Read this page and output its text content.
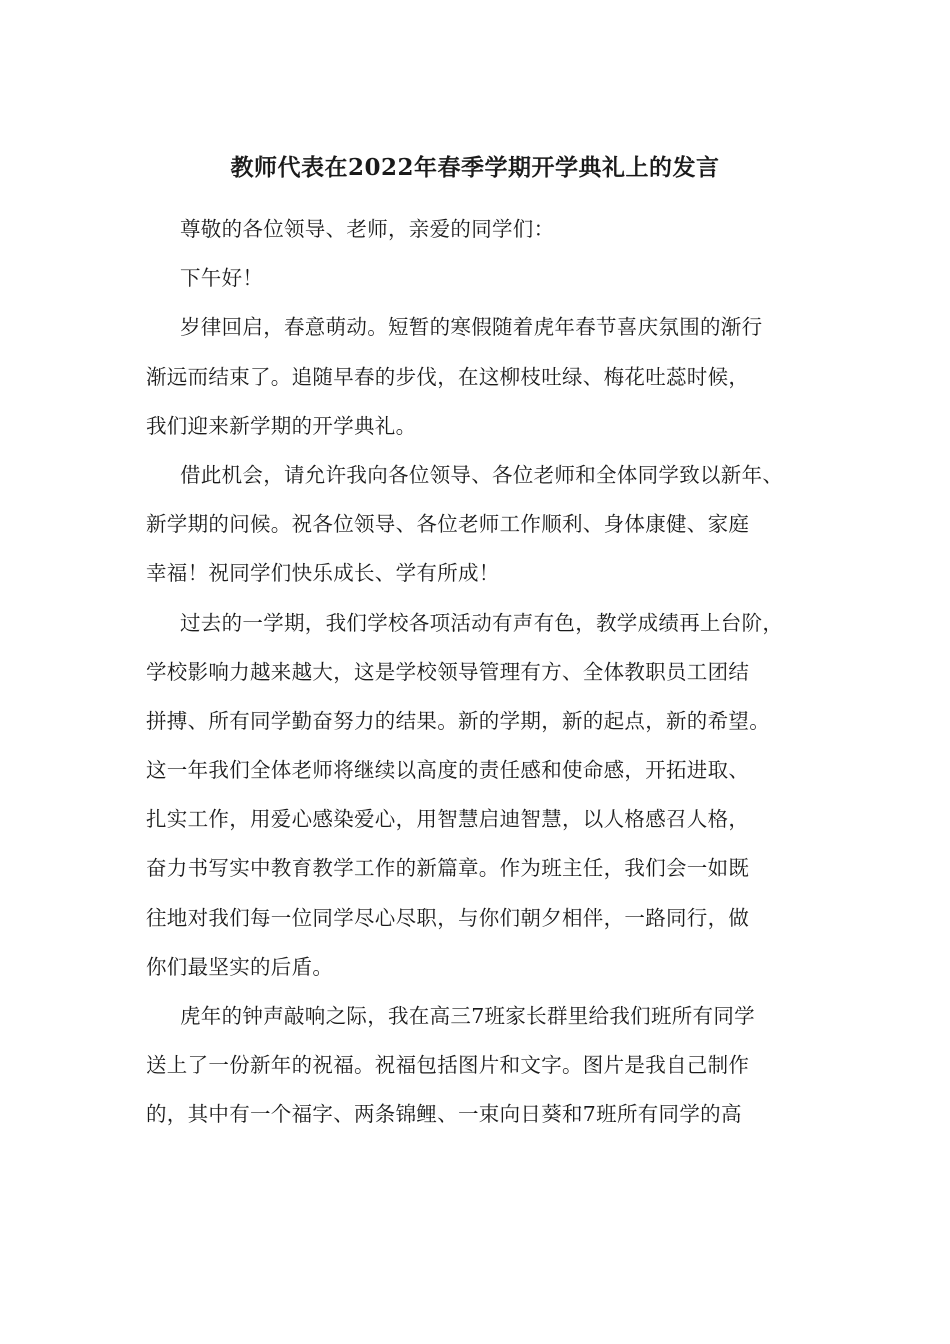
教师代表在2022年春季学期开学典礼上的发言
尊敬的各位领导、老师，亲爱的同学们：
下午好！
岁律回启，春意萌动。短暂的寒假随着虎年春节喜庆氛围的渐行
渐远而结束了。追随早春的步伐，在这柳枝吐绿、梅花吐蕊时候，
我们迎来新学期的开学典礼。
借此机会，请允许我向各位领导、各位老师和全体同学致以新年、
新学期的问候。祝各位领导、各位老师工作顺利、身体康健、家庭
幸福！祝同学们快乐成长、学有所成！
过去的一学期，我们学校各项活动有声有色，教学成绩再上台阶，
学校影响力越来越大，这是学校领导管理有方、全体教职员工团结
拼搏、所有同学勤奋努力的结果。新的学期，新的起点，新的希望。
这一年我们全体老师将继续以高度的责任感和使命感，开拓进取、
扎实工作，用爱心感染爱心，用智慧启迪智慧，以人格感召人格，
奋力书写实中教育教学工作的新篇章。作为班主任，我们会一如既
往地对我们每一位同学尽心尽职，与你们朝夕相伴，一路同行，做
你们最坚实的后盾。
虎年的钟声敲响之际，我在高三7班家长群里给我们班所有同学
送上了一份新年的祝福。祝福包括图片和文字。图片是我自己制作
的，其中有一个福字、两条锦鲤、一束向日葵和7班所有同学的高
